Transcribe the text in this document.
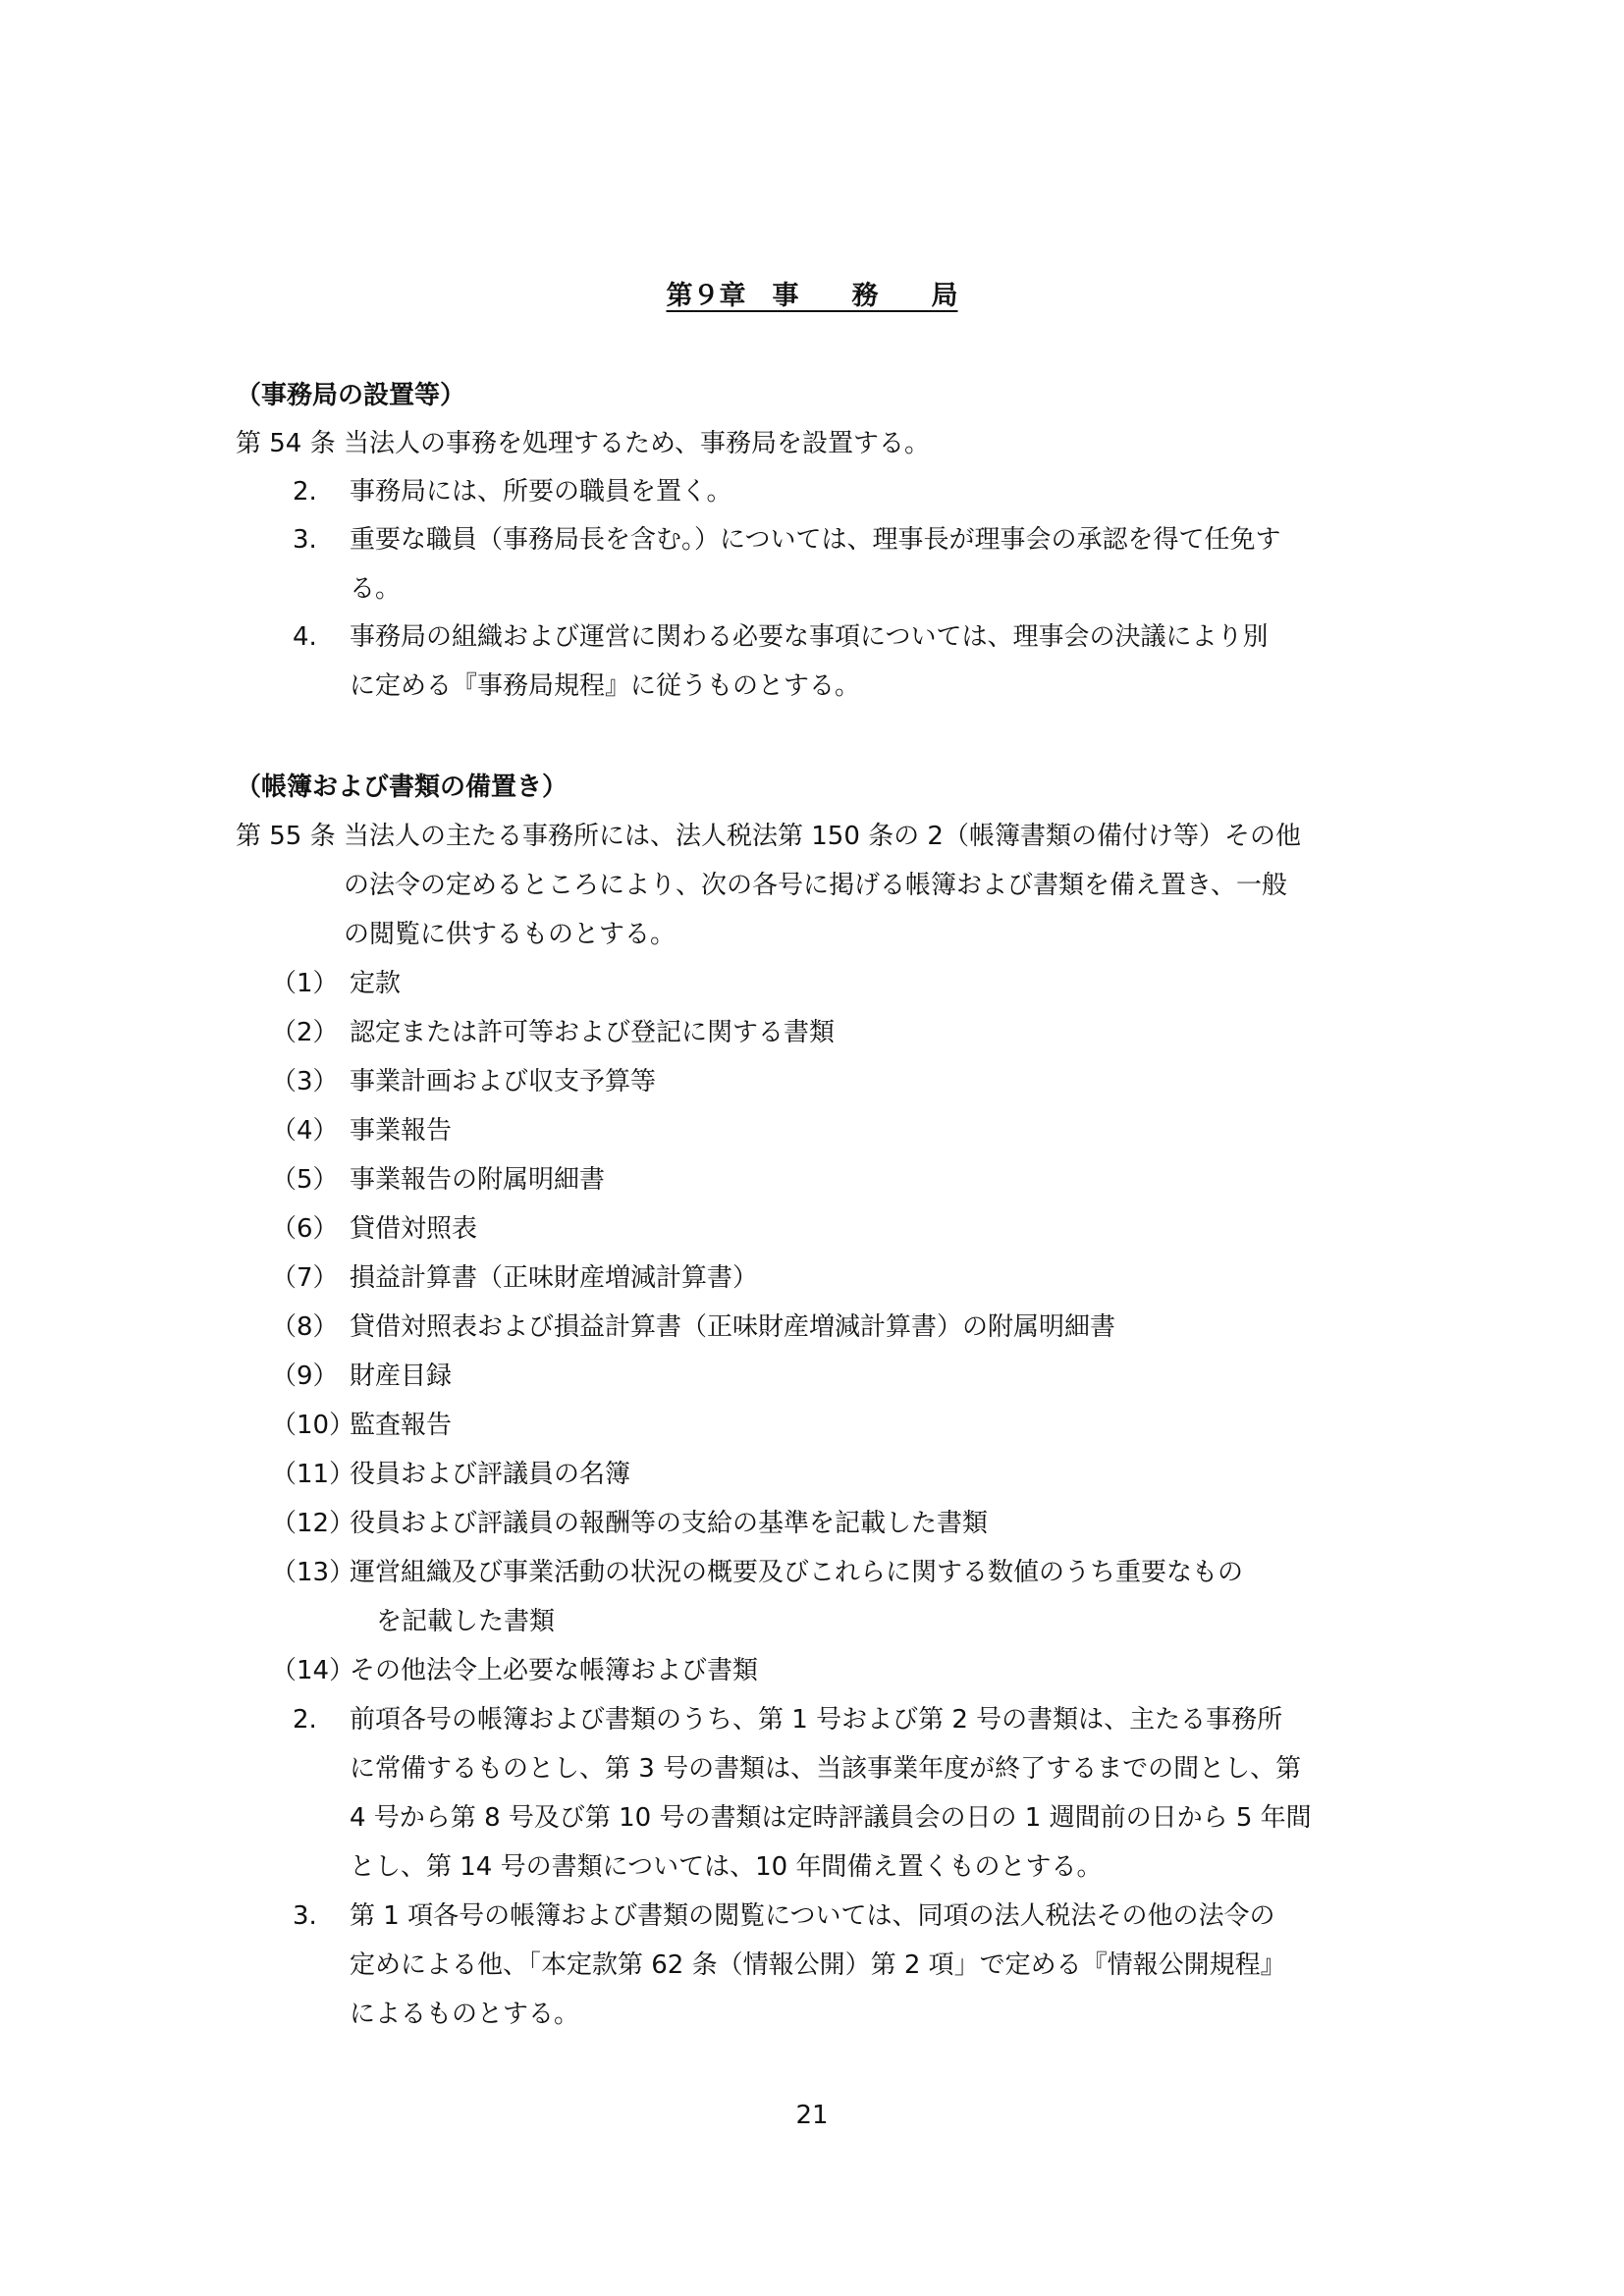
第９章　事　　務　　局
（事務局の設置等）
第 54 条 当法人の事務を処理するため、事務局を設置する。
2. 事務局には、所要の職員を置く。
3. 重要な職員（事務局長を含む。）については、理事長が理事会の承認を得て任免す
る。
4. 事務局の組織および運営に関わる必要な事項については、理事会の決議により別
に定める『事務局規程』に従うものとする。
（帳簿および書類の備置き）
第 55 条 当法人の主たる事務所には、法人税法第 150 条の 2（帳簿書類の備付け等）その他
の法令の定めるところにより、次の各号に掲げる帳簿および書類を備え置き、一般
の閲覧に供するものとする。
（1） 定款
（2） 認定または許可等および登記に関する書類
（3） 事業計画および収支予算等
（4） 事業報告
（5） 事業報告の附属明細書
（6） 貸借対照表
（7） 損益計算書（正味財産増減計算書）
（8） 貸借対照表および損益計算書（正味財産増減計算書）の附属明細書
（9） 財産目録
（10）監査報告
（11）役員および評議員の名簿
（12）役員および評議員の報酬等の支給の基準を記載した書類
（13）運営組織及び事業活動の状況の概要及びこれらに関する数値のうち重要なもの
を記載した書類
（14）その他法令上必要な帳簿および書類
2. 前項各号の帳簿および書類のうち、第 1 号および第 2 号の書類は、主たる事務所
に常備するものとし、第 3 号の書類は、当該事業年度が終了するまでの間とし、第
4 号から第 8 号及び第 10 号の書類は定時評議員会の日の 1 週間前の日から 5 年間
とし、第 14 号の書類については、10 年間備え置くものとする。
3. 第 1 項各号の帳簿および書類の閲覧については、同項の法人税法その他の法令の
定めによる他、「本定款第 62 条（情報公開）第 2 項」で定める『情報公開規程』
によるものとする。
21
